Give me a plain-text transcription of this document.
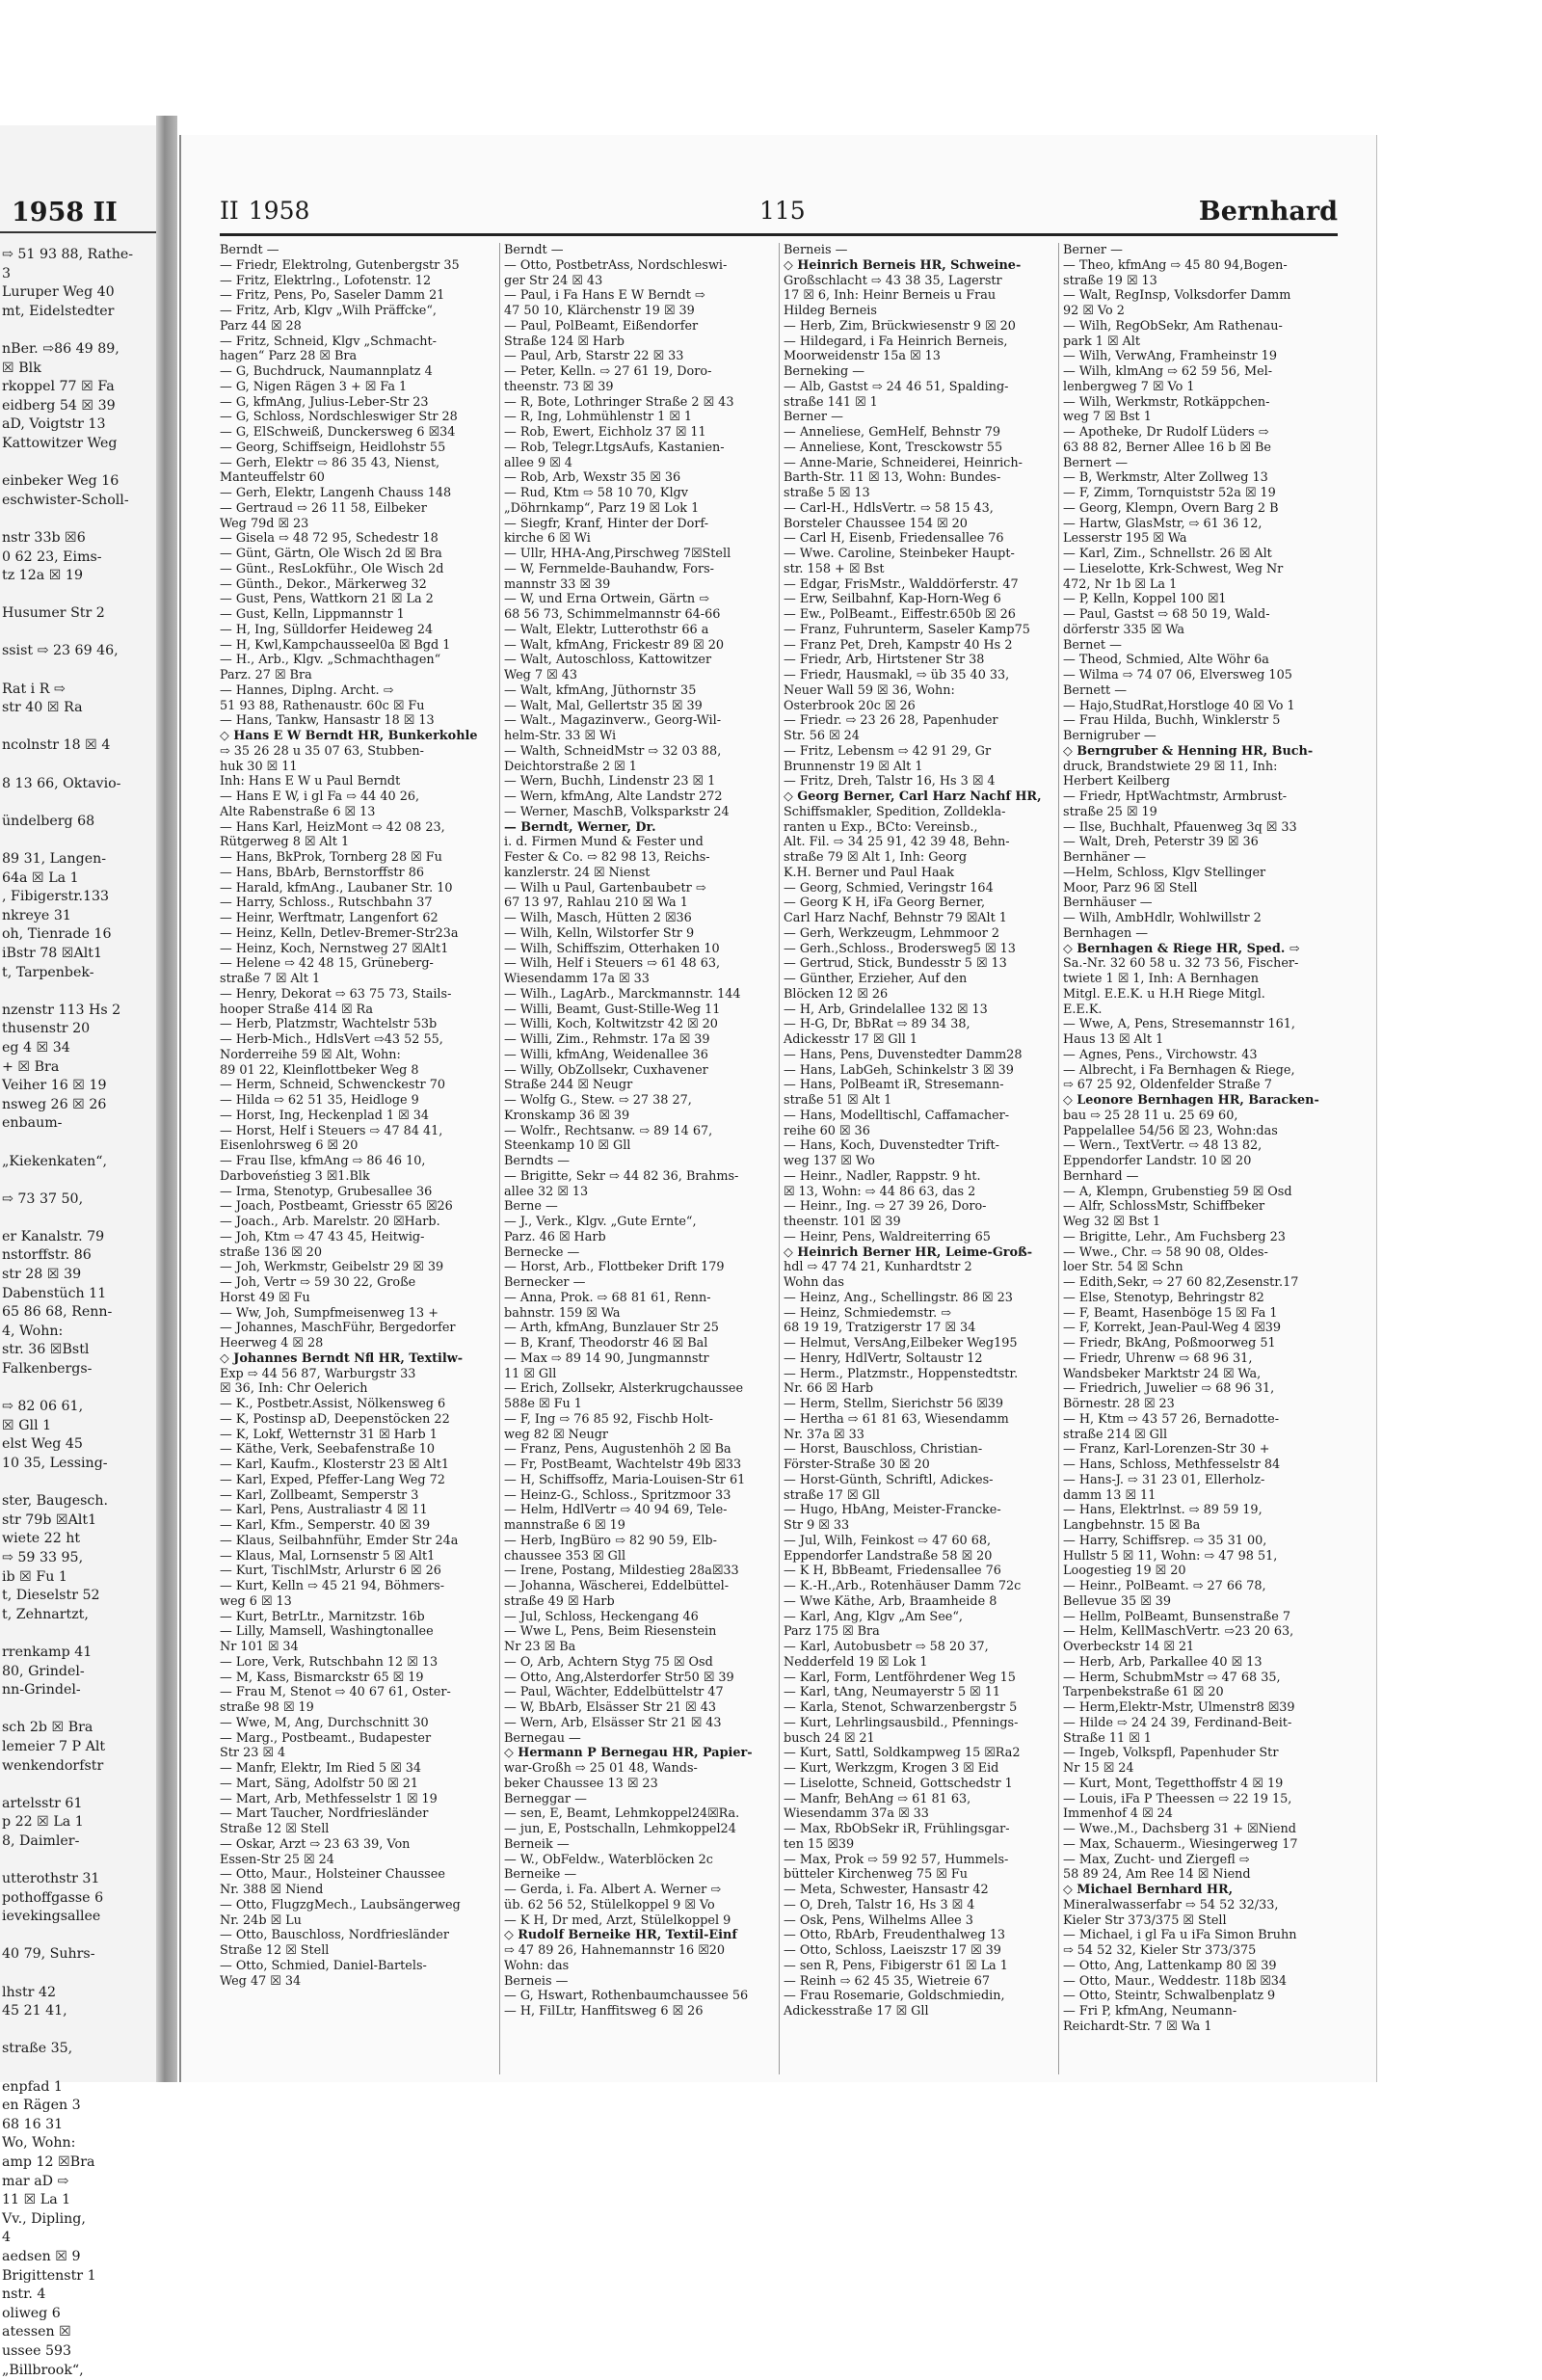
1958 II
⇨ 51 93 88, Rathe-
3
Luruper Weg 40
mt, Eidelstedter

nBer. ⇨86 49 89,
☒ Blk
rkoppel 77 ☒ Fa
eidberg 54 ☒ 39
aD, Voigtstr 13
Kattowitzer Weg

einbeker Weg 16
eschwister-Scholl-

nstr 33b ☒6
0 62 23, Eims-
tz 12a ☒ 19

Husumer Str 2

ssist ⇨ 23 69 46,

Rat i R ⇨
str 40 ☒ Ra

ncolnstr 18 ☒ 4

8 13 66, Oktavio-

ündelberg 68

89 31, Langen-
64a ☒ La 1
, Fibigerstr.133
nkreye 31
oh, Tienrade 16
iBstr 78 ☒Alt1
t, Tarpenbek-

nzenstr 113 Hs 2
thusenstr 20
eg 4 ☒ 34
+ ☒ Bra
Veiher 16 ☒ 19
nsweg 26 ☒ 26
enbaum-

„Kiekenkaten“,

⇨ 73 37 50,

er Kanalstr. 79
nstorffstr. 86
str 28 ☒ 39
Dabenstüch 11
65 86 68, Renn-
4, Wohn:
str. 36 ☒Bstl
Falkenbergs-

⇨ 82 06 61,
☒ Gll 1
elst Weg 45
10 35, Lessing-

ster, Baugesch.
str 79b ☒Alt1
wiete 22 ht
⇨ 59 33 95,
ib ☒ Fu 1
t, Dieselstr 52
t, Zehnartzt,

rrenkamp 41
80, Grindel-
nn-Grindel-

sch 2b ☒ Bra
lemeier 7 P Alt
wenkendorfstr

artelsstr 61
p 22 ☒ La 1
8, Daimler-

utterothstr 31
pothoffgasse 6
ievekingsallee

40 79, Suhrs-

lhstr 42
45 21 41,

straße 35,

enpfad 1
en Rägen 3
68 16 31
Wo, Wohn:
amp 12 ☒Bra
mar aD ⇨
11 ☒ La 1
Vv., Dipling,
4
aedsen ☒ 9
Brigittenstr 1
nstr. 4
oliweg 6
atessen ☒
ussee 593
„Billbrook“,
II 1958	115	Bernhard
Berndt —
— Friedr, Elektrolng, Gutenbergstr 35
— Fritz, Elektrlng., Lofotenstr. 12
— Fritz, Pens, Po, Saseler Damm 21
— Fritz, Arb, Klgv „Wilh Präffcke“,
Parz 44 ☒ 28
— Fritz, Schneid, Klgv „Schmacht-
hagen“ Parz 28 ☒ Bra
— G, Buchdruck, Naumannplatz 4
— G, Nigen Rägen 3 + ☒ Fa 1
— G, kfmAng, Julius-Leber-Str 23
— G, Schloss, Nordschleswiger Str 28
— G, ElSchweiß, Dunckersweg 6 ☒34
— Georg, Schiffseign, Heidlohstr 55
— Gerh, Elektr ⇨ 86 35 43, Nienst,
Manteuffelstr 60
— Gerh, Elektr, Langenh Chauss 148
— Gertraud ⇨ 26 11 58, Eilbeker
Weg 79d ☒ 23
— Gisela ⇨ 48 72 95, Schedestr 18
— Günt, Gärtn, Ole Wisch 2d ☒ Bra
— Günt., ResLokführ., Ole Wisch 2d
— Günth., Dekor., Märkerweg 32
— Gust, Pens, Wattkorn 21 ☒ La 2
— Gust, Kelln, Lippmannstr 1
— H, Ing, Sülldorfer Heideweg 24
— H, Kwl,Kampchausseel0a ☒ Bgd 1
— H., Arb., Klgv. „Schmachthagen“
Parz. 27 ☒ Bra
— Hannes, Diplng. Archt. ⇨
51 93 88, Rathenaustr. 60c ☒ Fu
— Hans, Tankw, Hansastr 18 ☒ 13
◇ Hans E W Berndt HR, Bunkerkohle
⇨ 35 26 28 u 35 07 63, Stubben-
huk 30 ☒ 11
Inh: Hans E W u Paul Berndt
— Hans E W, i gl Fa ⇨ 44 40 26,
Alte Rabenstraße 6 ☒ 13
— Hans Karl, HeizMont ⇨ 42 08 23,
Rütgerweg 8 ☒ Alt 1
— Hans, BkProk, Tornberg 28 ☒ Fu
— Hans, BbArb, Bernstorffstr 86
— Harald, kfmAng., Laubaner Str. 10
— Harry, Schloss., Rutschbahn 37
— Heinr, Werftmatr, Langenfort 62
— Heinz, Kelln, Detlev-Bremer-Str23a
— Heinz, Koch, Nernstweg 27 ☒Alt1
— Helene ⇨ 42 48 15, Grüneberg-
straße 7 ☒ Alt 1
— Henry, Dekorat ⇨ 63 75 73, Stails-
hooper Straße 414 ☒ Ra
— Herb, Platzmstr, Wachtelstr 53b
— Herb-Mich., HdlsVert ⇨43 52 55,
Norderreihe 59 ☒ Alt, Wohn:
89 01 22, Kleinflottbeker Weg 8
— Herm, Schneid, Schwenckestr 70
— Hilda ⇨ 62 51 35, Heidloge 9
— Horst, Ing, Heckenplad 1 ☒ 34
— Horst, Helf i Steuers ⇨ 47 84 41,
Eisenlohrsweg 6 ☒ 20
— Frau Ilse, kfmAng ⇨ 86 46 10,
Darboveństieg 3 ☒1.Blk
— Irma, Stenotyp, Grubesallee 36
— Joach, Postbeamt, Griesstr 65 ☒26
— Joach., Arb. Marelstr. 20 ☒Harb.
— Joh, Ktm ⇨ 47 43 45, Heitwig-
straße 136 ☒ 20
— Joh, Werkmstr, Geibelstr 29 ☒ 39
— Joh, Vertr ⇨ 59 30 22, Große
Horst 49 ☒ Fu
— Ww, Joh, Sumpfmeisenweg 13 +
— Johannes, MaschFühr, Bergedorfer
Heerweg 4 ☒ 28
◇ Johannes Berndt Nfl HR, Textilw-
Exp ⇨ 44 56 87, Warburgstr 33
☒ 36, Inh: Chr Oelerich
— K., Postbetr.Assist, Nölkensweg 6
— K, Postinsp aD, Deepenstöcken 22
— K, Lokf, Wetternstr 31 ☒ Harb 1
— Käthe, Verk, Seebafenstraße 10
— Karl, Kaufm., Klosterstr 23 ☒ Alt1
— Karl, Exped, Pfeffer-Lang Weg 72
— Karl, Zollbeamt, Semperstr 3
— Karl, Pens, Australiastr 4 ☒ 11
— Karl, Kfm., Semperstr. 40 ☒ 39
— Klaus, Seilbahnführ, Emder Str 24a
— Klaus, Mal, Lornsenstr 5 ☒ Alt1
— Kurt, TischlMstr, Arlurstr 6 ☒ 26
— Kurt, Kelln ⇨ 45 21 94, Böhmers-
weg 6 ☒ 13
— Kurt, BetrLtr., Marnitzstr. 16b
— Lilly, Mamsell, Washingtonallee
Nr 101 ☒ 34
— Lore, Verk, Rutschbahn 12 ☒ 13
— M, Kass, Bismarckstr 65 ☒ 19
— Frau M, Stenot ⇨ 40 67 61, Oster-
straße 98 ☒ 19
— Wwe, M, Ang, Durchschnitt 30
— Marg., Postbeamt., Budapester
Str 23 ☒ 4
— Manfr, Elektr, Im Ried 5 ☒ 34
— Mart, Säng, Adolfstr 50 ☒ 21
— Mart, Arb, Methfesselstr 1 ☒ 19
— Mart Taucher, Nordfriesländer
Straße 12 ☒ Stell
— Oskar, Arzt ⇨ 23 63 39, Von
Essen-Str 25 ☒ 24
— Otto, Maur., Holsteiner Chaussee
Nr. 388 ☒ Niend
— Otto, FlugzgMech., Laubsängerweg
Nr. 24b ☒ Lu
— Otto, Bauschloss, Nordfriesländer
Straße 12 ☒ Stell
— Otto, Schmied, Daniel-Bartels-
Weg 47 ☒ 34
Berndt —
— Otto, PostbetrAss, Nordschleswi-
ger Str 24 ☒ 43
— Paul, i Fa Hans E W Berndt ⇨
47 50 10, Klärchenstr 19 ☒ 39
— Paul, PolBeamt, Eißendorfer
Straße 124 ☒ Harb
— Paul, Arb, Starstr 22 ☒ 33
— Peter, Kelln. ⇨ 27 61 19, Doro-
theenstr. 73 ☒ 39
— R, Bote, Lothringer Straße 2 ☒ 43
— R, Ing, Lohmühlenstr 1 ☒ 1
— Rob, Ewert, Eichholz 37 ☒ 11
— Rob, Telegr.LtgsAufs, Kastanien-
allee 9 ☒ 4
— Rob, Arb, Wexstr 35 ☒ 36
— Rud, Ktm ⇨ 58 10 70, Klgv
„Döhrnkamp“, Parz 19 ☒ Lok 1
— Siegfr, Kranf, Hinter der Dorf-
kirche 6 ☒ Wi
— Ullr, HHA-Ang,Pirschweg 7☒Stell
— W, Fernmelde-Bauhandw, Fors-
mannstr 33 ☒ 39
— W, und Erna Ortwein, Gärtn ⇨
68 56 73, Schimmelmannstr 64-66
— Walt, Elektr, Lutterothstr 66 a
— Walt, kfmAng, Frickestr 89 ☒ 20
— Walt, Autoschloss, Kattowitzer
Weg 7 ☒ 43
— Walt, kfmAng, Jüthornstr 35
— Walt, Mal, Gellertstr 35 ☒ 39
— Walt., Magazinverw., Georg-Wil-
helm-Str. 33 ☒ Wi
— Walth, SchneidMstr ⇨ 32 03 88,
Deichtorstraße 2 ☒ 1
— Wern, Buchh, Lindenstr 23 ☒ 1
— Wern, kfmAng, Alte Landstr 272
— Werner, MaschB, Volksparkstr 24
— Berndt, Werner, Dr.
i. d. Firmen Mund & Fester und
Fester & Co. ⇨ 82 98 13, Reichs-
kanzlerstr. 24 ☒ Nienst
— Wilh u Paul, Gartenbaubetr ⇨
67 13 97, Rahlau 210 ☒ Wa 1
— Wilh, Masch, Hütten 2 ☒36
— Wilh, Kelln, Wilstorfer Str 9
— Wilh, Schiffszim, Otterhaken 10
— Wilh, Helf i Steuers ⇨ 61 48 63,
Wiesendamm 17a ☒ 33
— Wilh., LagArb., Marckmannstr. 144
— Willi, Beamt, Gust-Stille-Weg 11
— Willi, Koch, Koltwitzstr 42 ☒ 20
— Willi, Zim., Rehmstr. 17a ☒ 39
— Willi, kfmAng, Weidenallee 36
— Willy, ObZollsekr, Cuxhavener
Straße 244 ☒ Neugr
— Wolfg G., Stew. ⇨ 27 38 27,
Kronskamp 36 ☒ 39
— Wolfr., Rechtsanw. ⇨ 89 14 67,
Steenkamp 10 ☒ Gll
Berndts —
— Brigitte, Sekr ⇨ 44 82 36, Brahms-
allee 32 ☒ 13
Berne —
— J., Verk., Klgv. „Gute Ernte“,
Parz. 46 ☒ Harb
Bernecke —
— Horst, Arb., Flottbeker Drift 179
Bernecker —
— Anna, Prok. ⇨ 68 81 61, Renn-
bahnstr. 159 ☒ Wa
— Arth, kfmAng, Bunzlauer Str 25
— B, Kranf, Theodorstr 46 ☒ Bal
— Max ⇨ 89 14 90, Jungmannstr
11 ☒ Gll
— Erich, Zollsekr, Alsterkrugchaussee
588e ☒ Fu 1
— F, Ing ⇨ 76 85 92, Fischb Holt-
weg 82 ☒ Neugr
— Franz, Pens, Augustenhöh 2 ☒ Ba
— Fr, PostBeamt, Wachtelstr 49b ☒33
— H, Schiffsoffz, Maria-Louisen-Str 61
— Heinz-G., Schloss., Spritzmoor 33
— Helm, HdlVertr ⇨ 40 94 69, Tele-
mannstraße 6 ☒ 19
— Herb, IngBüro ⇨ 82 90 59, Elb-
chaussee 353 ☒ Gll
— Irene, Postang, Mildestieg 28a☒33
— Johanna, Wäscherei, Eddelbüttel-
straße 49 ☒ Harb
— Jul, Schloss, Heckengang 46
— Wwe L, Pens, Beim Riesenstein
Nr 23 ☒ Ba
— O, Arb, Achtern Styg 75 ☒ Osd
— Otto, Ang,Alsterdorfer Str50 ☒ 39
— Paul, Wächter, Eddelbüttelstr 47
— W, BbArb, Elsässer Str 21 ☒ 43
— Wern, Arb, Elsässer Str 21 ☒ 43
Bernegau —
◇ Hermann P Bernegau HR, Papier-
war-Großh ⇨ 25 01 48, Wands-
beker Chaussee 13 ☒ 23
Berneggar —
— sen, E, Beamt, Lehmkoppel24☒Ra.
— jun, E, Postschalln, Lehmkoppel24
Berneik —
— W., ObFeldw., Waterblöcken 2c
Berneike —
— Gerda, i. Fa. Albert A. Werner ⇨
üb. 62 56 52, Stülelkoppel 9 ☒ Vo
— K H, Dr med, Arzt, Stülelkoppel 9
◇ Rudolf Berneike HR, Textil-Einf
⇨ 47 89 26, Hahnemannstr 16 ☒20
Wohn: das
Berneis —
— G, Hswart, Rothenbaumchaussee 56
— H, FilLtr, Hanffitsweg 6 ☒ 26
Berneis —
◇ Heinrich Berneis HR, Schweine-
Großschlacht ⇨ 43 38 35, Lagerstr
17 ☒ 6, Inh: Heinr Berneis u Frau
Hildeg Berneis
— Herb, Zim, Brückwiesenstr 9 ☒ 20
— Hildegard, i Fa Heinrich Berneis,
Moorweidenstr 15a ☒ 13
Berneking —
— Alb, Gastst ⇨ 24 46 51, Spalding-
straße 141 ☒ 1
Berner —
— Anneliese, GemHelf, Behnstr 79
— Anneliese, Kont, Tresckowstr 55
— Anne-Marie, Schneiderei, Heinrich-
Barth-Str. 11 ☒ 13, Wohn: Bundes-
straße 5 ☒ 13
— Carl-H., HdlsVertr. ⇨ 58 15 43,
Borsteler Chaussee 154 ☒ 20
— Carl H, Eisenb, Friedensallee 76
— Wwe. Caroline, Steinbeker Haupt-
str. 158 + ☒ Bst
— Edgar, FrisMstr., Walddörferstr. 47
— Erw, Seilbahnf, Kap-Horn-Weg 6
— Ew., PolBeamt., Eiffestr.650b ☒ 26
— Franz, Fuhrunterm, Saseler Kamp75
— Franz Pet, Dreh, Kampstr 40 Hs 2
— Friedr, Arb, Hirtstener Str 38
— Friedr, Hausmakl, ⇨ üb 35 40 33,
Neuer Wall 59 ☒ 36, Wohn:
Osterbrook 20c ☒ 26
— Friedr. ⇨ 23 26 28, Papenhuder
Str. 56 ☒ 24
— Fritz, Lebensm ⇨ 42 91 29, Gr
Brunnenstr 19 ☒ Alt 1
— Fritz, Dreh, Talstr 16, Hs 3 ☒ 4
◇ Georg Berner, Carl Harz Nachf HR,
Schiffsmakler, Spedition, Zolldekla-
ranten u Exp., BCto: Vereinsb.,
Alt. Fil. ⇨ 34 25 91, 42 39 48, Behn-
straße 79 ☒ Alt 1, Inh: Georg
K.H. Berner und Paul Haak
— Georg, Schmied, Veringstr 164
— Georg K H, iFa Georg Berner,
Carl Harz Nachf, Behnstr 79 ☒Alt 1
— Gerh, Werkzeugm, Lehmmoor 2
— Gerh.,Schloss., Brodersweg5 ☒ 13
— Gertrud, Stick, Bundesstr 5 ☒ 13
— Günther, Erzieher, Auf den
Blöcken 12 ☒ 26
— H, Arb, Grindelallee 132 ☒ 13
— H-G, Dr, BbRat ⇨ 89 34 38,
Adickesstr 17 ☒ Gll 1
— Hans, Pens, Duvenstedter Damm28
— Hans, LabGeh, Schinkelstr 3 ☒ 39
— Hans, PolBeamt iR, Stresemann-
straße 51 ☒ Alt 1
— Hans, Modelltischl, Caffamacher-
reihe 60 ☒ 36
— Hans, Koch, Duvenstedter Trift-
weg 137 ☒ Wo
— Heinr., Nadler, Rappstr. 9 ht.
☒ 13, Wohn: ⇨ 44 86 63, das 2
— Heinr., Ing. ⇨ 27 39 26, Doro-
theenstr. 101 ☒ 39
— Heinr, Pens, Waldreiterring 65
◇ Heinrich Berner HR, Leime-Groß-
hdl ⇨ 47 74 21, Kunhardtstr 2
Wohn das
— Heinz, Ang., Schellingstr. 86 ☒ 23
— Heinz, Schmiedemstr. ⇨
68 19 19, Tratzigerstr 17 ☒ 34
— Helmut, VersAng,Eilbeker Weg195
— Henry, HdlVertr, Soltaustr 12
— Herm., Platzmstr., Hoppenstedtstr.
Nr. 66 ☒ Harb
— Herm, Stellm, Sierichstr 56 ☒39
— Hertha ⇨ 61 81 63, Wiesendamm
Nr. 37a ☒ 33
— Horst, Bauschloss, Christian-
Förster-Straße 30 ☒ 20
— Horst-Günth, Schriftl, Adickes-
straße 17 ☒ Gll
— Hugo, HbAng, Meister-Francke-
Str 9 ☒ 33
— Jul, Wilh, Feinkost ⇨ 47 60 68,
Eppendorfer Landstraße 58 ☒ 20
— K H, BbBeamt, Friedensallee 76
— K.-H.,Arb., Rotenhäuser Damm 72c
— Wwe Käthe, Arb, Braamheide 8
— Karl, Ang, Klgv „Am See“,
Parz 175 ☒ Bra
— Karl, Autobusbetr ⇨ 58 20 37,
Nedderfeld 19 ☒ Lok 1
— Karl, Form, Lentföhrdener Weg 15
— Karl, tAng, Neumayerstr 5 ☒ 11
— Karla, Stenot, Schwarzenbergstr 5
— Kurt, Lehrlingsausbild., Pfennings-
busch 24 ☒ 21
— Kurt, Sattl, Soldkampweg 15 ☒Ra2
— Kurt, Werkzgm, Krogen 3 ☒ Eid
— Liselotte, Schneid, Gottschedstr 1
— Manfr, BehAng ⇨ 61 81 63,
Wiesendamm 37a ☒ 33
— Max, RbObSekr iR, Frühlingsgar-
ten 15 ☒39
— Max, Prok ⇨ 59 92 57, Hummels-
bütteler Kirchenweg 75 ☒ Fu
— Meta, Schwester, Hansastr 42
— O, Dreh, Talstr 16, Hs 3 ☒ 4
— Osk, Pens, Wilhelms Allee 3
— Otto, RbArb, Freudenthalweg 13
— Otto, Schloss, Laeiszstr 17 ☒ 39
— sen R, Pens, Fibigerstr 61 ☒ La 1
— Reinh ⇨ 62 45 35, Wietreie 67
— Frau Rosemarie, Goldschmiedin,
Adickesstraße 17 ☒ Gll
Berner —
— Theo, kfmAng ⇨ 45 80 94,Bogen-
straße 19 ☒ 13
— Walt, RegInsp, Volksdorfer Damm
92 ☒ Vo 2
— Wilh, RegObSekr, Am Rathenau-
park 1 ☒ Alt
— Wilh, VerwAng, Framheinstr 19
— Wilh, klmAng ⇨ 62 59 56, Mel-
lenbergweg 7 ☒ Vo 1
— Wilh, Werkmstr, Rotkäppchen-
weg 7 ☒ Bst 1
— Apotheke, Dr Rudolf Lüders ⇨
63 88 82, Berner Allee 16 b ☒ Be
Bernert —
— B, Werkmstr, Alter Zollweg 13
— F, Zimm, Tornquiststr 52a ☒ 19
— Georg, Klempn, Overn Barg 2 B
— Hartw, GlasMstr, ⇨ 61 36 12,
Lesserstr 195 ☒ Wa
— Karl, Zim., Schnellstr. 26 ☒ Alt
— Lieselotte, Krk-Schwest, Weg Nr
472, Nr 1b ☒ La 1
— P, Kelln, Koppel 100 ☒1
— Paul, Gastst ⇨ 68 50 19, Wald-
dörferstr 335 ☒ Wa
Bernet —
— Theod, Schmied, Alte Wöhr 6a
— Wilma ⇨ 74 07 06, Elversweg 105
Bernett —
— Hajo,StudRat,Horstloge 40 ☒ Vo 1
— Frau Hilda, Buchh, Winklerstr 5
Bernigruber —
◇ Berngruber & Henning HR, Buch-
druck, Brandstwiete 29 ☒ 11, Inh:
Herbert Keilberg
— Friedr, HptWachtmstr, Armbrust-
straße 25 ☒ 19
— Ilse, Buchhalt, Pfauenweg 3q ☒ 33
— Walt, Dreh, Peterstr 39 ☒ 36
Bernhäner —
—Helm, Schloss, Klgv Stellinger
Moor, Parz 96 ☒ Stell
Bernhäuser —
— Wilh, AmbHdlr, Wohlwillstr 2
Bernhagen —
◇ Bernhagen & Riege HR, Sped. ⇨
Sa.-Nr. 32 60 58 u. 32 73 56, Fischer-
twiete 1 ☒ 1, Inh: A Bernhagen
Mitgl. E.E.K. u H.H Riege Mitgl.
E.E.K.
— Wwe, A, Pens, Stresemannstr 161,
Haus 13 ☒ Alt 1
— Agnes, Pens., Virchowstr. 43
— Albrecht, i Fa Bernhagen & Riege,
⇨ 67 25 92, Oldenfelder Straße 7
◇ Leonore Bernhagen HR, Baracken-
bau ⇨ 25 28 11 u. 25 69 60,
Pappelallee 54/56 ☒ 23, Wohn:das
— Wern., TextVertr. ⇨ 48 13 82,
Eppendorfer Landstr. 10 ☒ 20
Bernhard —
— A, Klempn, Grubenstieg 59 ☒ Osd
— Alfr, SchlossMstr, Schiffbeker
Weg 32 ☒ Bst 1
— Brigitte, Lehr., Am Fuchsberg 23
— Wwe., Chr. ⇨ 58 90 08, Oldes-
loer Str. 54 ☒ Schn
— Edith,Sekr, ⇨ 27 60 82,Zesenstr.17
— Else, Stenotyp, Behringstr 82
— F, Beamt, Hasenböge 15 ☒ Fa 1
— F, Korrekt, Jean-Paul-Weg 4 ☒39
— Friedr, BkAng, Poßmoorweg 51
— Friedr, Uhrenw ⇨ 68 96 31,
Wandsbeker Marktstr 24 ☒ Wa,
— Friedrich, Juwelier ⇨ 68 96 31,
Börnestr. 28 ☒ 23
— H, Ktm ⇨ 43 57 26, Bernadotte-
straße 214 ☒ Gll
— Franz, Karl-Lorenzen-Str 30 +
— Hans, Schloss, Methfesselstr 84
— Hans-J. ⇨ 31 23 01, Ellerholz-
damm 13 ☒ 11
— Hans, Elektrlnst. ⇨ 89 59 19,
Langbehnstr. 15 ☒ Ba
— Harry, Schiffsrep. ⇨ 35 31 00,
Hullstr 5 ☒ 11, Wohn: ⇨ 47 98 51,
Loogestieg 19 ☒ 20
— Heinr., PolBeamt. ⇨ 27 66 78,
Bellevue 35 ☒ 39
— Hellm, PolBeamt, Bunsenstraße 7
— Helm, KellMaschVertr. ⇨23 20 63,
Overbeckstr 14 ☒ 21
— Herb, Arb, Parkallee 40 ☒ 13
— Herm, SchubmMstr ⇨ 47 68 35,
Tarpenbekstraße 61 ☒ 20
— Herm,Elektr-Mstr, Ulmenstr8 ☒39
— Hilde ⇨ 24 24 39, Ferdinand-Beit-
Straße 11 ☒ 1
— Ingeb, Volkspfl, Papenhuder Str
Nr 15 ☒ 24
— Kurt, Mont, Tegetthoffstr 4 ☒ 19
— Louis, iFa P Theessen ⇨ 22 19 15,
Immenhof 4 ☒ 24
— Wwe.,M., Dachsberg 31 + ☒Niend
— Max, Schauerm., Wiesingerweg 17
— Max, Zucht- und Ziergefl ⇨
58 89 24, Am Ree 14 ☒ Niend
◇ Michael Bernhard HR,
Mineralwasserfabr ⇨ 54 52 32/33,
Kieler Str 373/375 ☒ Stell
— Michael, i gl Fa u iFa Simon Bruhn
⇨ 54 52 32, Kieler Str 373/375
— Otto, Ang, Lattenkamp 80 ☒ 39
— Otto, Maur., Weddestr. 118b ☒34
— Otto, Steintr, Schwalbenplatz 9
— Fri P, kfmAng, Neumann-
Reichardt-Str. 7 ☒ Wa 1
